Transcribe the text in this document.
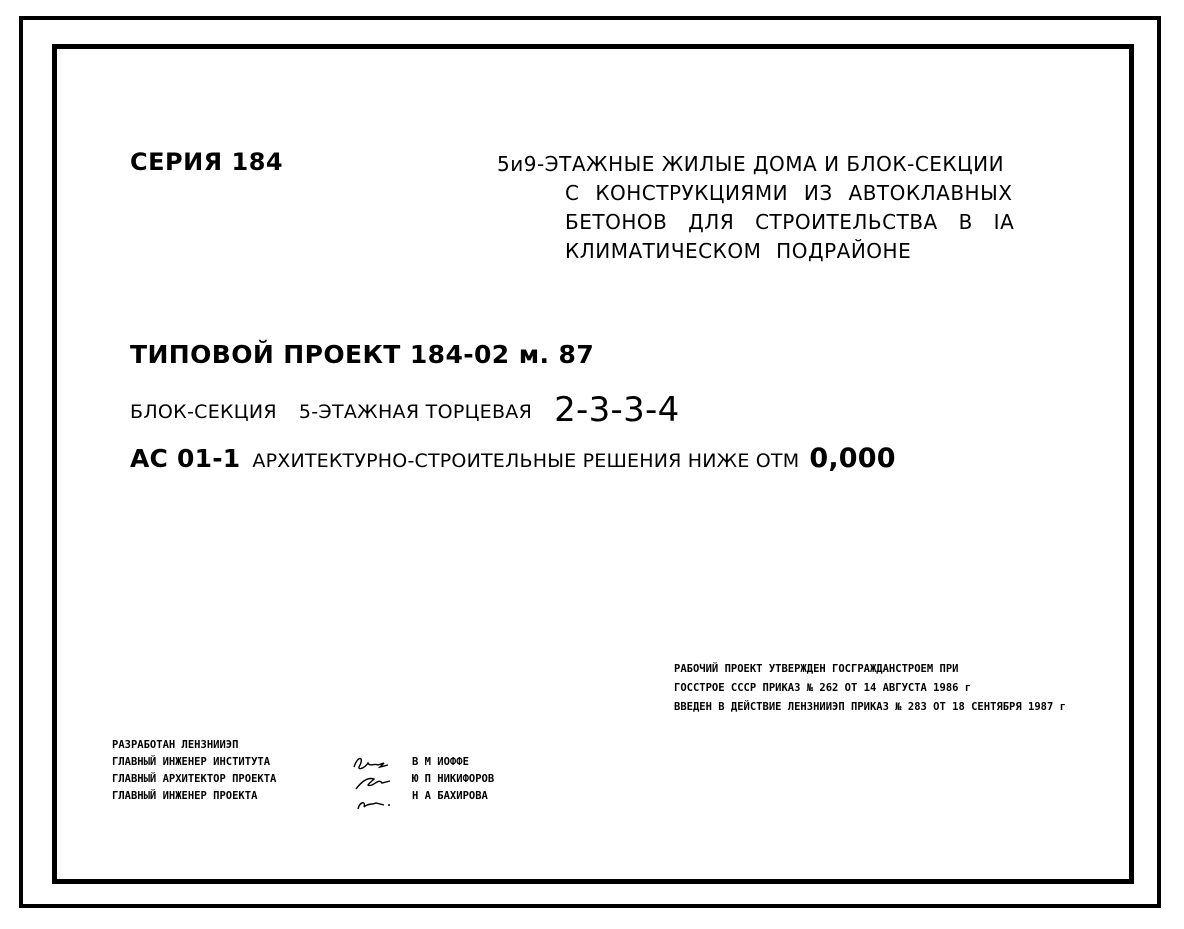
СЕРИЯ 184	5и9-ЭТАЖНЫЕ ЖИЛЫЕ ДОМА И БЛОК-СЕКЦИИ
С КОНСТРУКЦИЯМИ ИЗ АВТОКЛАВНЫХ
БЕТОНОВ ДЛЯ СТРОИТЕЛЬСТВА В IА
КЛИМАТИЧЕСКОМ ПОДРАЙОНЕ
ТИПОВОЙ ПРОЕКТ 184-02 м. 87
БЛОК-СЕКЦИЯ 5-ЭТАЖНАЯ ТОРЦЕВАЯ 2-3-3-4
АС 01-1 АРХИТЕКТУРНО-СТРОИТЕЛЬНЫЕ РЕШЕНИЯ НИЖЕ ОТМ 0,000
РАБОЧИЙ ПРОЕКТ УТВЕРЖДЕН ГОСГРАЖДАНСТРОЕМ ПРИ
ГОССТРОЕ СССР ПРИКАЗ № 262 ОТ 14 АВГУСТА 1986 г
ВВЕДЕН В ДЕЙСТВИЕ ЛЕНЗНИИЭП ПРИКАЗ № 283 ОТ 18 СЕНТЯБРЯ 1987 г
РАЗРАБОТАН ЛЕНЗНИИЭП
ГЛАВНЫЙ ИНЖЕНЕР ИНСТИТУТА	В М ИОФФЕ
ГЛАВНЫЙ АРХИТЕКТОР ПРОЕКТА	Ю П НИКИФОРОВ
ГЛАВНЫЙ ИНЖЕНЕР ПРОЕКТА	Н А БАХИРОВА
